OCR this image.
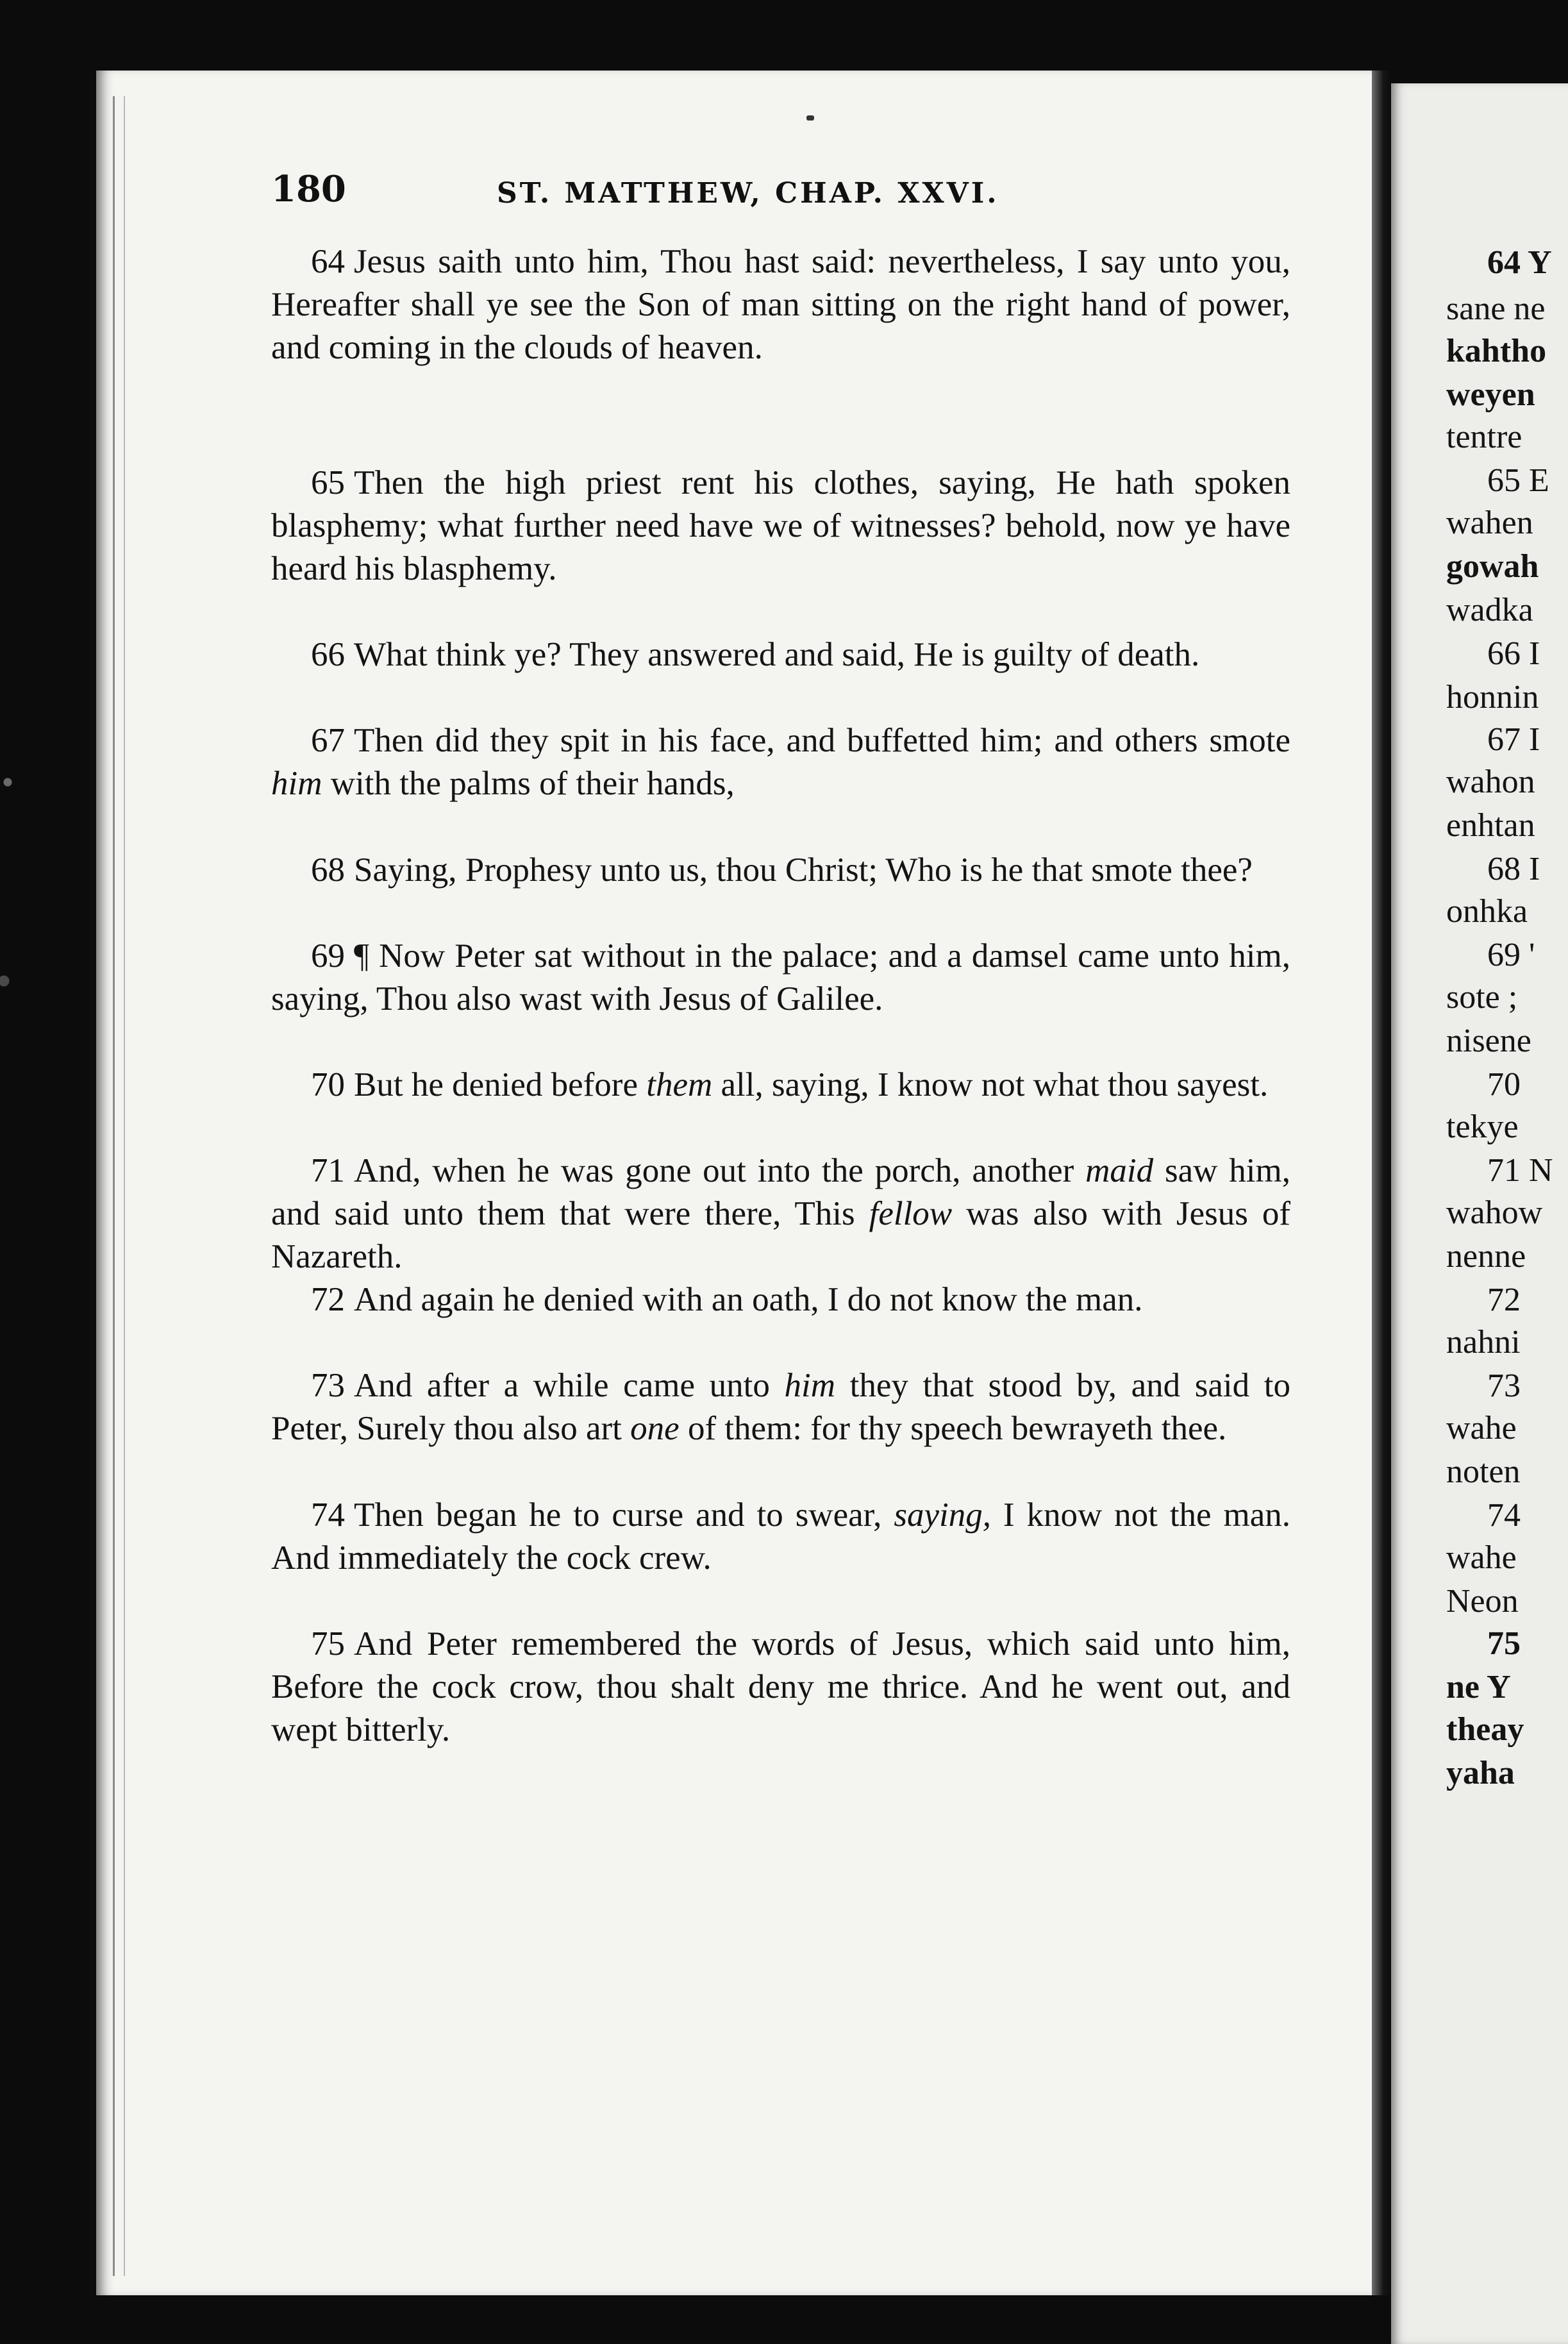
64 Y
sane ne
kahtho
weyen
tentre
65 E
wahen
gowah
wadka
66 I
honnin
67 I
wahon
enhtan
68 I
onhka
69 '
sote ;
nisene
70
tekye
71 N
wahow
nenne
72
nahni
73
wahe
noten
74
wahe
Neon
75
ne Y
theay
yaha
180	ST. MATTHEW, CHAP. XXVI.

64 Jesus saith unto him, Thou hast said: nevertheless, I say unto you, Hereafter shall ye see the Son of man sitting on the right hand of power, and coming in the clouds of heaven.

65 Then the high priest rent his clothes, saying, He hath spoken blasphemy; what further need have we of witnesses? behold, now ye have heard his blasphemy.

66 What think ye? They answered and said, He is guilty of death.

67 Then did they spit in his face, and buffetted him; and others smote him with the palms of their hands,

68 Saying, Prophesy unto us, thou Christ; Who is he that smote thee?

69 ¶ Now Peter sat without in the palace; and a damsel came unto him, saying, Thou also wast with Jesus of Galilee.

70 But he denied before them all, saying, I know not what thou sayest.

71 And, when he was gone out into the porch, another maid saw him, and said unto them that were there, This fellow was also with Jesus of Nazareth.

72 And again he denied with an oath, I do not know the man.

73 And after a while came unto him they that stood by, and said to Peter, Surely thou also art one of them: for thy speech bewrayeth thee.

74 Then began he to curse and to swear, saying, I know not the man. And immediately the cock crew.

75 And Peter remembered the words of Jesus, which said unto him, Before the cock crow, thou shalt deny me thrice. And he went out, and wept bitterly.
